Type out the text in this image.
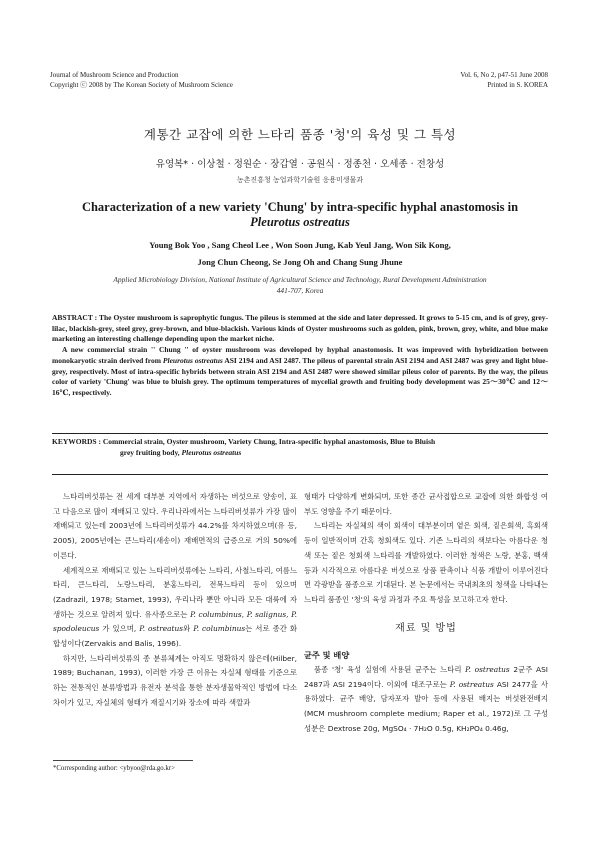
Journal of Mushroom Science and Production
Copyright ⓒ 2008 by The Korean Society of Mushroom Science
Vol. 6, No 2, p47-51 June 2008
Printed in S. KOREA
계통간 교잡에 의한 느타리 품종 '청'의 육성 및 그 특성
유영복* · 이상철 · 정원순 · 장갑열 · 공원식 · 정종천 · 오세종 · 전창성
농촌진흥청 농업과학기술원 응용미생물과
Characterization of a new variety 'Chung' by intra-specific hyphal anastomosis in
Pleurotus ostreatus
Young Bok Yoo , Sang Cheol Lee , Won Soon Jung, Kab Yeul Jang, Won Sik Kong,
Jong Chun Cheong, Se Jong Oh and Chang Sung Jhune
Applied Microbiology Division, National Institute of Agricultural Science and Technology, Rural Development Administration
441-707, Korea

ABSTRACT : The Oyster mushroom is saprophytic fungus. The pileus is stemmed at the side and later depressed. It grows to 5-15 cm, and is of grey, grey-lilac, blackish-grey, steel grey, grey-brown, and blue-blackish. Various kinds of Oyster mushrooms such as golden, pink, brown, grey, white, and blue make marketing an interesting challenge depending upon the market niche.

A new commercial strain '' Chung '' of oyster mushroom was developed by hyphal anastomosis. It was improved with hybridization between monokaryotic strain derived from Pleurotus ostreatus ASI 2194 and ASI 2487. The pileus of parental strain ASI 2194 and ASI 2487 was grey and light blue-grey, respectively. Most of intra-specific hybrids between strain ASI 2194 and ASI 2487 were showed similar pileus color of parents. By the way, the pileus color of variety 'Chung' was blue to bluish grey. The optimum temperatures of mycelial growth and fruiting body development was 25～30℃ and 12～16℃, respectively.

KEYWORDS : Commercial strain, Oyster mushroom, Variety Chung, Intra-specific hyphal anastomosis, Blue to Bluish
grey fruiting body, Pleurotus ostreatus

느타리버섯류는 전 세계 대부분 지역에서 자생하는 버섯으로 양송이, 표고 다음으로 많이 재배되고 있다. 우리나라에서는 느타리버섯류가 가장 많이 재배되고 있는데 2003년에 느타리버섯류가 44.2%를 차지하였으며(유 등, 2005), 2005년에는 큰느타리(새송이) 재배면적의 급증으로 거의 50%에 이른다.

세계적으로 재배되고 있는 느타리버섯류에는 느타리, 사철느타리, 여름느타리, 큰느타리, 노랑느타리, 분홍느타리, 전복느타리 등이 있으며(Zadrazil, 1978; Stamet, 1993), 우리나라 뿐만 아니라 모든 대륙에 자생하는 것으로 알려져 있다. 유사종으로는 P. columbinus, P. salignus, P. spodoleucus 가 있으며, P. ostreatus와 P. columbinus는 서로 종간 화합성이다(Zervakis and Balis, 1996).

하지만, 느타리버섯류의 종 분류체계는 아직도 명확하지 않은데(Hilber, 1989; Buchanan, 1993), 이러한 가장 큰 이유는 자실체 형태를 기준으로 하는 전통적인 분류방법과 유전자 분석을 통한 분자생물학적인 방법에 다소 차이가 있고, 자실체의 형태가 재질시기와 장소에 따라 색깔과

형태가 다양하게 변화되며, 또한 종간 균사접합으로 교잡에 의한 화합성 여부도 영향을 주기 때문이다.

느타리는 자실체의 색이 회색이 대부분이며 옅은 회색, 짙은회색, 흑회색 등이 일반적이며 간혹 청회색도 있다. 기존 느타리의 색보다는 아름다운 청색 또는 짙은 청회색 느타리를 개발하였다. 이러한 청색은 노랑, 분홍, 백색 등과 시각적으로 아름다운 버섯으로 상품 판촉이나 식품 개발이 이루어진다면 각광받을 품종으로 기대된다. 본 논문에서는 국내최초의 청색을 나타내는 느타리 품종인 '청'의 육성 과정과 주요 특성을 보고하고자 한다.

재료 및 방법
균주 및 배양

품종 '청' 육성 실험에 사용된 균주는 느타리 P. ostreatus 2균주 ASI 2487과 ASI 2194이다. 이외에 대조구로는 P. ostreatus ASI 2477을 사용하였다. 균주 배양, 담자포자 발아 등에 사용된 배지는 버섯완전배지 (MCM mushroom complete medium; Raper et al., 1972)로 그 구성 성분은 Dextrose 20g, MgSO₄ · 7H₂O 0.5g, KH₂PO₄ 0.46g,

*Corresponding author: <ybyoo@rda.go.kr>
